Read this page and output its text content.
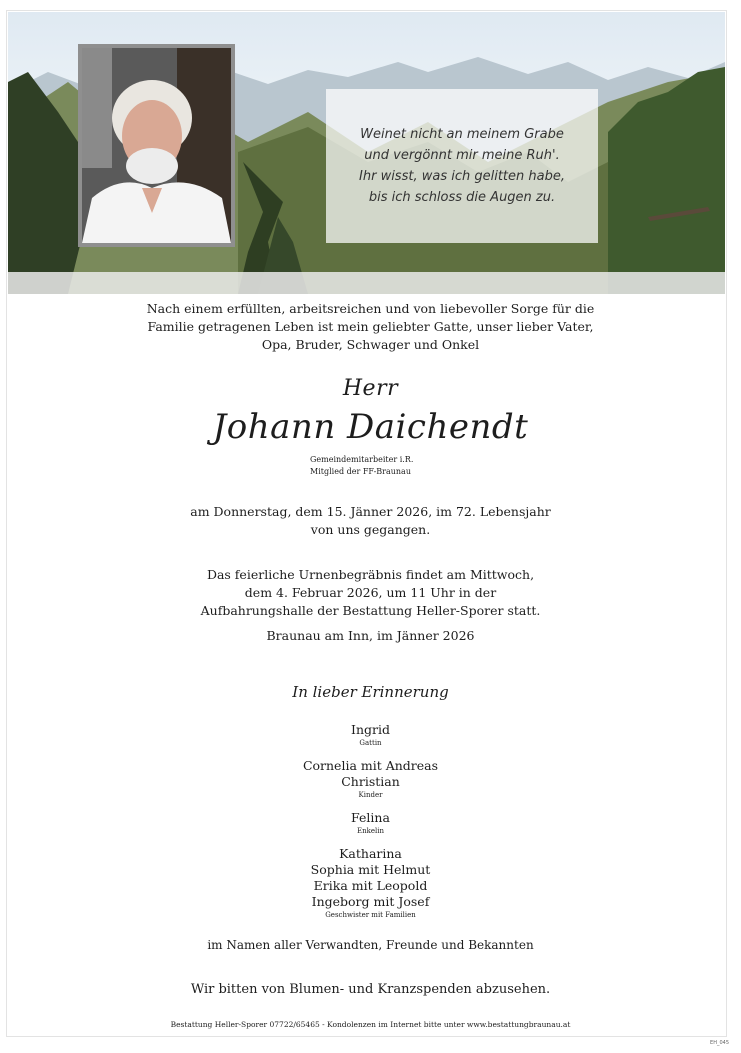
Weinet nicht an meinem Grabe
und vergönnt mir meine Ruh'.
Ihr wisst, was ich gelitten habe,
bis ich schloss die Augen zu.
Nach einem erfüllten, arbeitsreichen und von liebevoller Sorge für die
Familie getragenen Leben ist mein geliebter Gatte, unser lieber Vater,
Opa, Bruder, Schwager und Onkel
Herr
Johann Daichendt
Gemeindemitarbeiter i.R.
Mitglied der FF-Braunau
am Donnerstag, dem 15. Jänner 2026, im 72. Lebensjahr
von uns gegangen.
Das feierliche Urnenbegräbnis findet am Mittwoch,
dem 4. Februar 2026, um 11 Uhr in der
Aufbahrungshalle der Bestattung Heller-Sporer statt.
Braunau am Inn, im Jänner 2026
In lieber Erinnerung
Ingrid
Gattin
Cornelia mit Andreas
Christian
Kinder
Felina
Enkelin
Katharina
Sophia mit Helmut
Erika mit Leopold
Ingeborg mit Josef
Geschwister mit Familien
im Namen aller Verwandten, Freunde und Bekannten
Wir bitten von Blumen- und Kranzspenden abzusehen.
Bestattung Heller-Sporer 07722/65465 - Kondolenzen im Internet bitte unter www.bestattungbraunau.at
EH_045
